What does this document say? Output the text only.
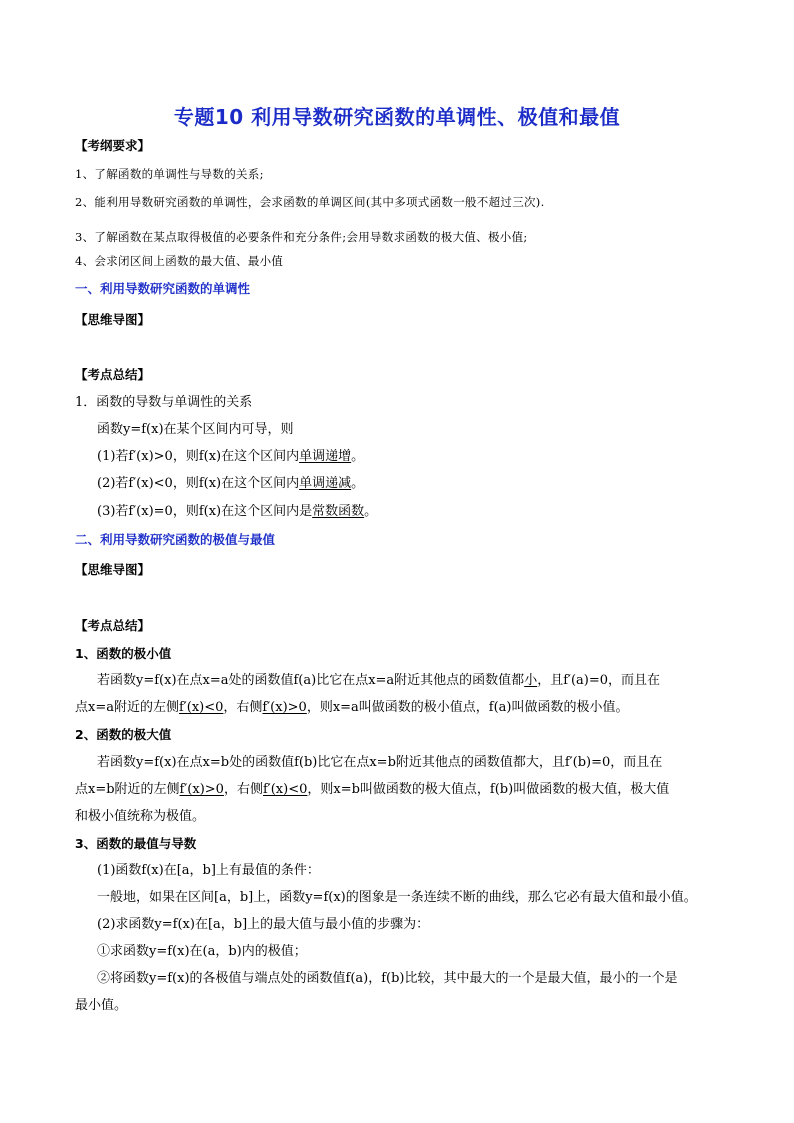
专题10 利用导数研究函数的单调性、极值和最值
【考纲要求】
1、了解函数的单调性与导数的关系;
2、能利用导数研究函数的单调性，会求函数的单调区间(其中多项式函数一般不超过三次).
3、了解函数在某点取得极值的必要条件和充分条件;会用导数求函数的极大值、极小值;
4、会求闭区间上函数的最大值、最小值
一、利用导数研究函数的单调性
【思维导图】
【考点总结】
1．函数的导数与单调性的关系
函数y=f(x)在某个区间内可导，则
(1)若f′(x)>0，则f(x)在这个区间内单调递增。
(2)若f′(x)<0，则f(x)在这个区间内单调递减。
(3)若f′(x)=0，则f(x)在这个区间内是常数函数。
二、利用导数研究函数的极值与最值
【思维导图】
【考点总结】
1、函数的极小值
若函数y=f(x)在点x=a处的函数值f(a)比它在点x=a附近其他点的函数值都小，且f′(a)=0，而且在
点x=a附近的左侧f′(x)<0，右侧f′(x)>0，则x=a叫做函数的极小值点，f(a)叫做函数的极小值。
2、函数的极大值
若函数y=f(x)在点x=b处的函数值f(b)比它在点x=b附近其他点的函数值都大，且f′(b)=0，而且在
点x=b附近的左侧f′(x)>0，右侧f′(x)<0，则x=b叫做函数的极大值点，f(b)叫做函数的极大值，极大值
和极小值统称为极值。
3、函数的最值与导数
(1)函数f(x)在[a，b]上有最值的条件：
一般地，如果在区间[a，b]上，函数y=f(x)的图象是一条连续不断的曲线，那么它必有最大值和最小值。
(2)求函数y=f(x)在[a，b]上的最大值与最小值的步骤为：
①求函数y=f(x)在(a，b)内的极值；
②将函数y=f(x)的各极值与端点处的函数值f(a)，f(b)比较，其中最大的一个是最大值，最小的一个是
最小值。
